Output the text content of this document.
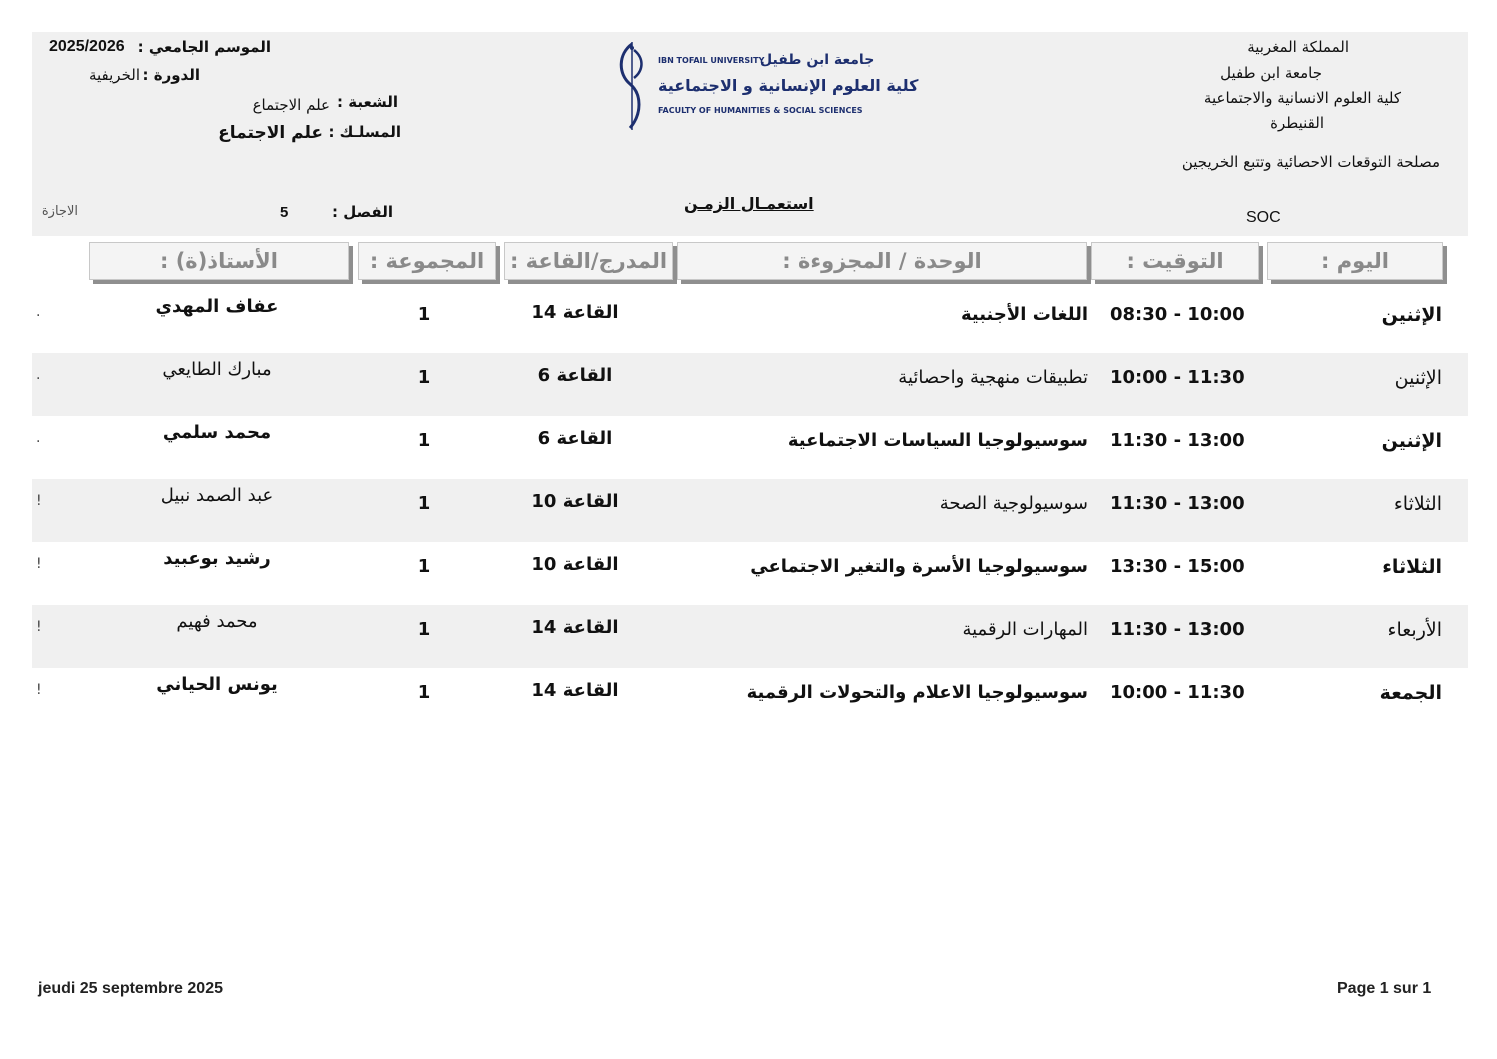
المملكة المغربية
جامعة ابن طفيل
كلية العلوم الانسانية والاجتماعية
القنيطرة
مصلحة التوقعات الاحصائية وتتبع الخريجين
SOC
جامعة ابن طفيل
IBN TOFAIL UNIVERSITY
كلية العلوم الإنسانية و الاجتماعية
FACULTY OF HUMANITIES & SOCIAL SCIENCES
الموسم الجامعي :
2025/2026
الدورة :
الخريفية
الشعبة :
علم الاجتماع
المسلـك :
علم الاجتماع
الفصل :
5
الاجازة	استعمـال الزمـن
اليوم :
التوقيت :
الوحدة / المجزوءة :
المدرج/القاعة :
المجموعة :
الأستاذ(ة) :
الإثنين
08:30 - 10:00
اللغات الأجنبية
القاعة 14
1
عفاف المهدي
.
الإثنين
10:00 - 11:30
تطبيقات منهجية واحصائية
القاعة 6
1
مبارك الطايعي
.
الإثنين
11:30 - 13:00
سوسيولوجيا السياسات الاجتماعية
القاعة 6
1
محمد سلمي
.
الثلاثاء
11:30 - 13:00
سوسيولوجية الصحة
القاعة 10
1
عبد الصمد نبيل
!
الثلاثاء
13:30 - 15:00
سوسيولوجيا الأسرة والتغير الاجتماعي
القاعة 10
1
رشيد بوعبيد
!
الأربعاء
11:30 - 13:00
المهارات الرقمية
القاعة 14
1
محمد فهيم
!
الجمعة
10:00 - 11:30
سوسيولوجيا الاعلام والتحولات الرقمية
القاعة 14
1
يونس الحياني
!
jeudi 25 septembre 2025	Page 1 sur 1
